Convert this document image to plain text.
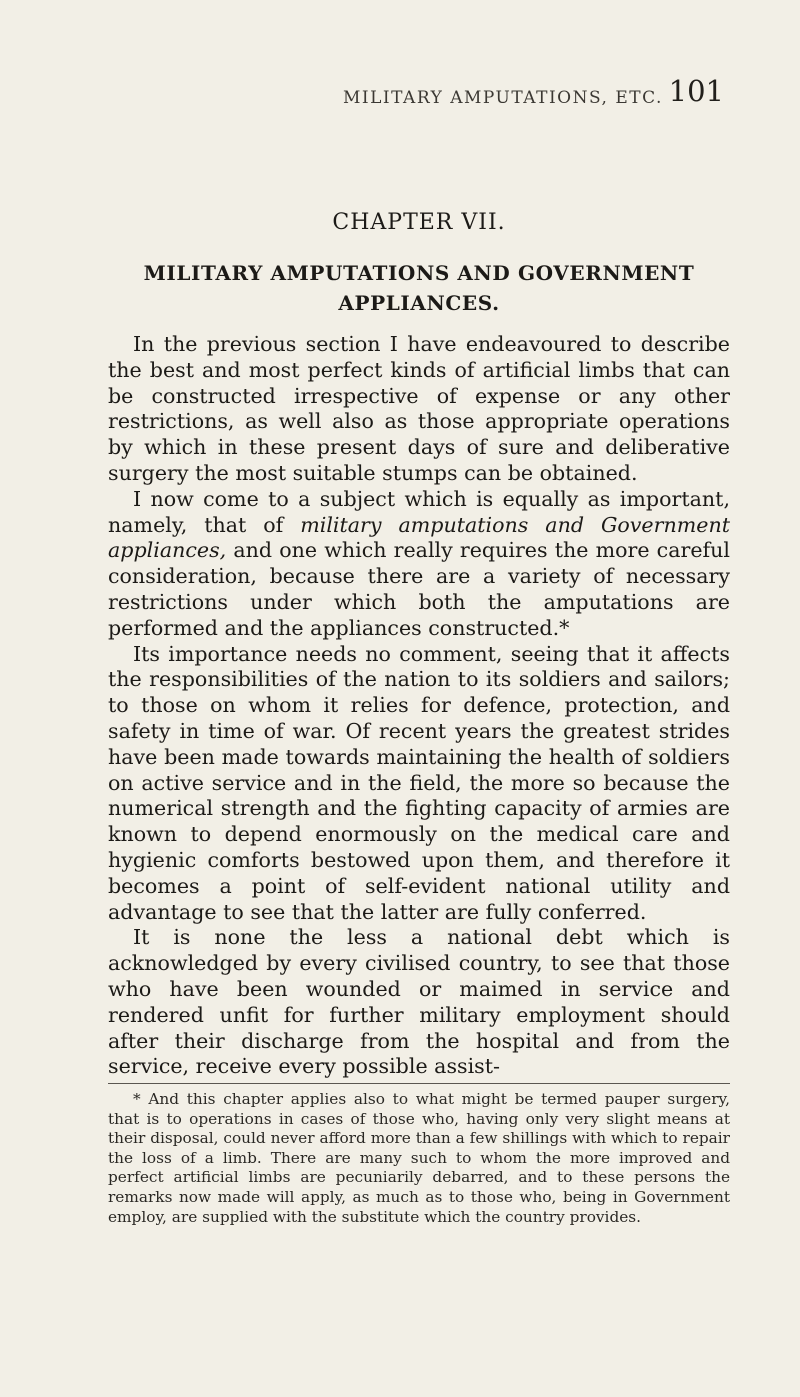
MILITARY AMPUTATIONS, ETC. 101
CHAPTER VII.
MILITARY AMPUTATIONS AND GOVERNMENT
APPLIANCES.

In the previous section I have endeavoured to describe the best and most perfect kinds of artificial limbs that can be constructed irrespective of expense or any other restrictions, as well also as those appropriate operations by which in these present days of sure and deliberative surgery the most suitable stumps can be obtained.

I now come to a subject which is equally as important, namely, that of military amputations and Government appliances, and one which really requires the more careful consideration, because there are a variety of necessary restrictions under which both the amputations are performed and the appliances constructed.*

Its importance needs no comment, seeing that it affects the responsibilities of the nation to its soldiers and sailors; to those on whom it relies for defence, protection, and safety in time of war. Of recent years the greatest strides have been made towards maintaining the health of soldiers on active service and in the field, the more so because the numerical strength and the fighting capacity of armies are known to depend enormously on the medical care and hygienic comforts bestowed upon them, and therefore it becomes a point of self-evident national utility and advantage to see that the latter are fully conferred.

It is none the less a national debt which is acknowledged by every civilised country, to see that those who have been wounded or maimed in service and rendered unfit for further military employment should after their discharge from the hospital and from the service, receive every possible assist-

* And this chapter applies also to what might be termed pauper surgery, that is to operations in cases of those who, having only very slight means at their disposal, could never afford more than a few shillings with which to repair the loss of a limb. There are many such to whom the more improved and perfect artificial limbs are pecuniarily debarred, and to these persons the remarks now made will apply, as much as to those who, being in Government employ, are supplied with the substitute which the country provides.
